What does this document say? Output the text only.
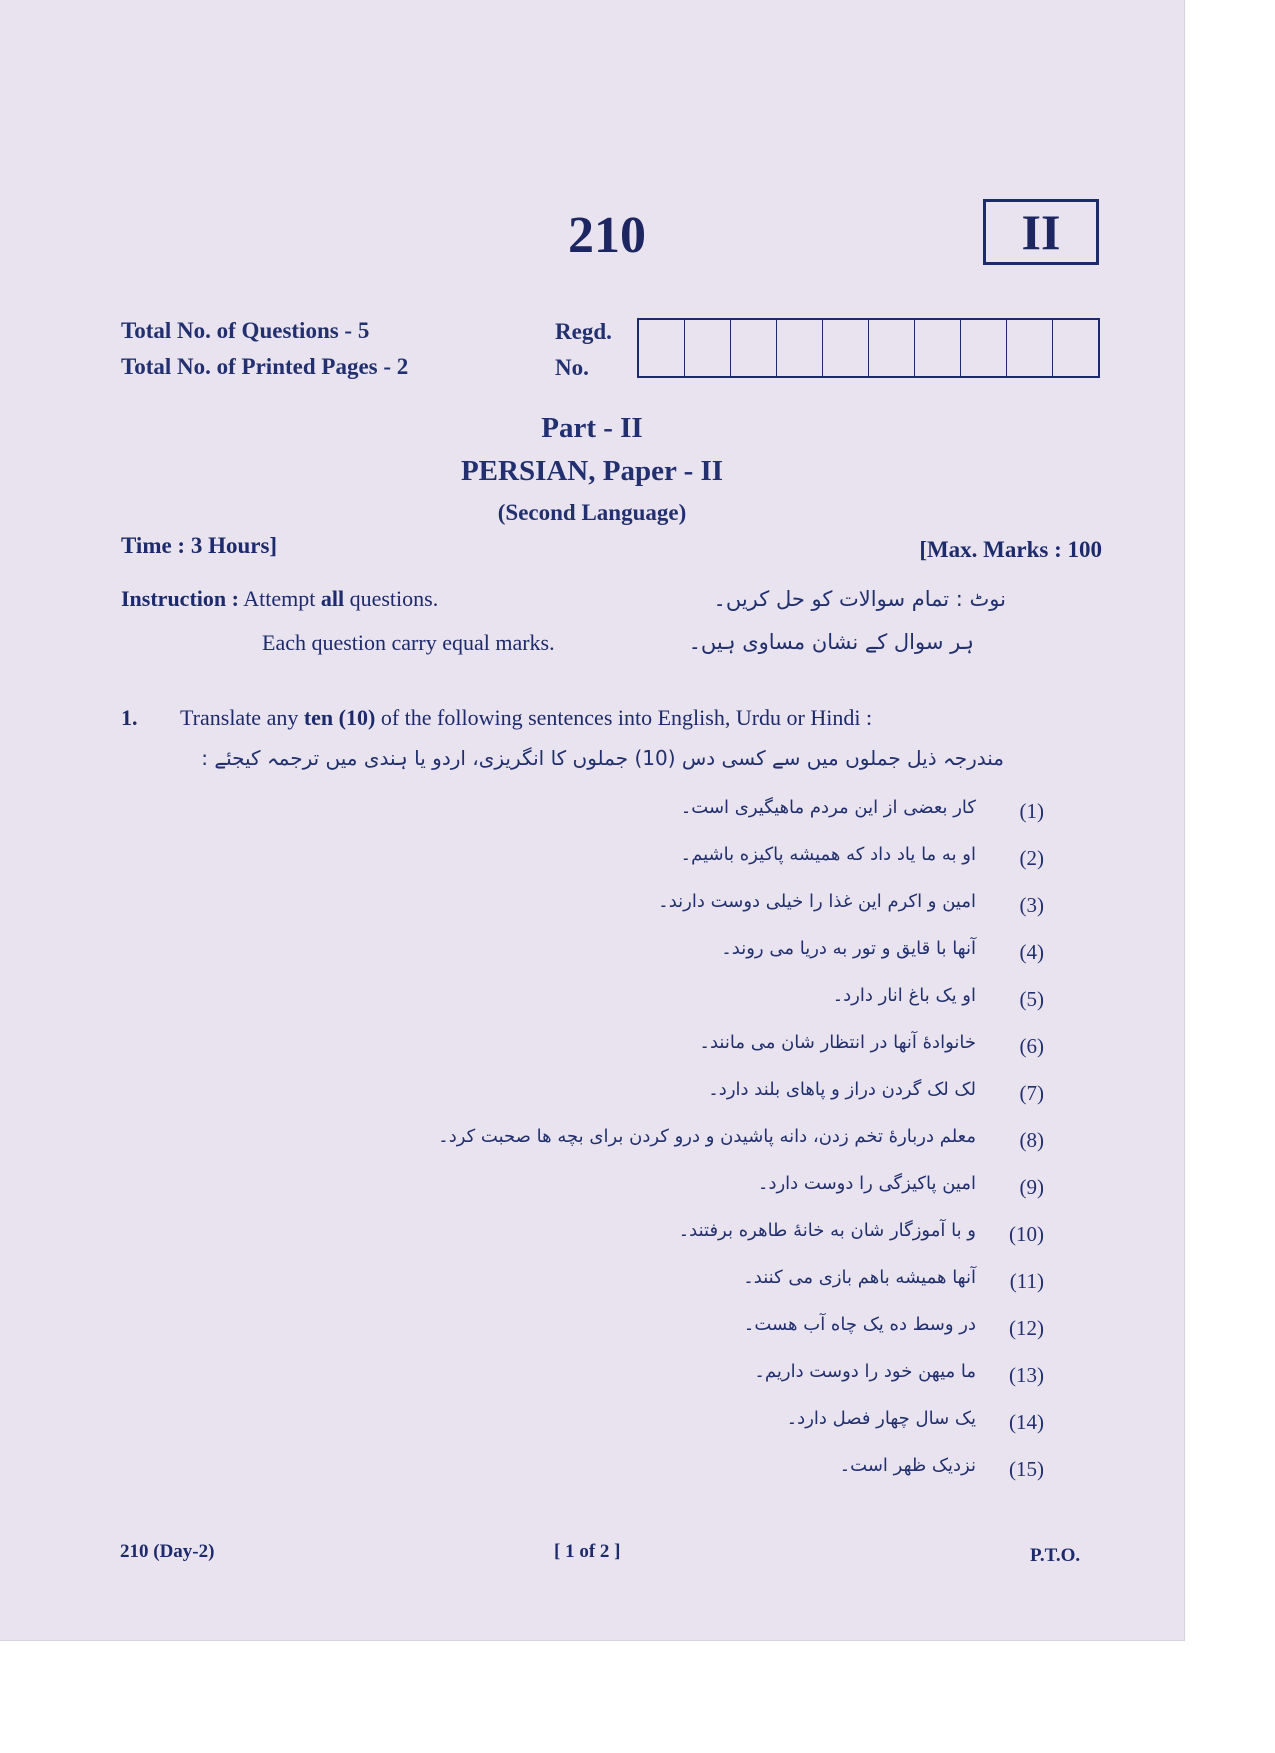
210	II
Total No. of Questions - 5
Total No. of Printed Pages - 2
Regd.
No.
Part - II
PERSIAN, Paper - II
(Second Language)
Time : 3 Hours]	[Max. Marks : 100
Instruction : Attempt all questions.
Each question carry equal marks.
نوٹ : تمام سوالات کو حل کریں۔
ہر سوال کے نشان مساوی ہیں۔
1. Translate any ten (10) of the following sentences into English, Urdu or Hindi :
مندرجہ ذیل جملوں میں سے کسی دس (10) جملوں کا انگریزی، اردو یا ہندی میں ترجمہ کیجئے :
(1)
کار بعضی از این مردم ماھیگیری است۔
(2)
او به ما یاد داد که همیشه پاکیزه باشیم۔
(3)
امین و اکرم این غذا را خیلی دوست دارند۔
(4)
آنها با قایق و تور به دریا می روند۔
(5)
او یک باغ انار دارد۔
(6)
خانوادهٔ آنها در انتظار شان می مانند۔
(7)
لک لک گردن دراز و پاھای بلند دارد۔
(8)
معلم دربارهٔ تخم زدن، دانه پاشیدن و درو کردن برای بچه ها صحبت کرد۔
(9)
امین پاکیزگی را دوست دارد۔
(10)
و با آموزگار شان به خانهٔ طاهره برفتند۔
(11)
آنها همیشه باهم بازی می کنند۔
(12)
در وسط ده یک چاه آب هست۔
(13)
ما میهن خود را دوست داریم۔
(14)
یک سال چهار فصل دارد۔
(15)
نزدیک ظهر است۔
210 (Day-2)	[ 1 of 2 ]	P.T.O.
